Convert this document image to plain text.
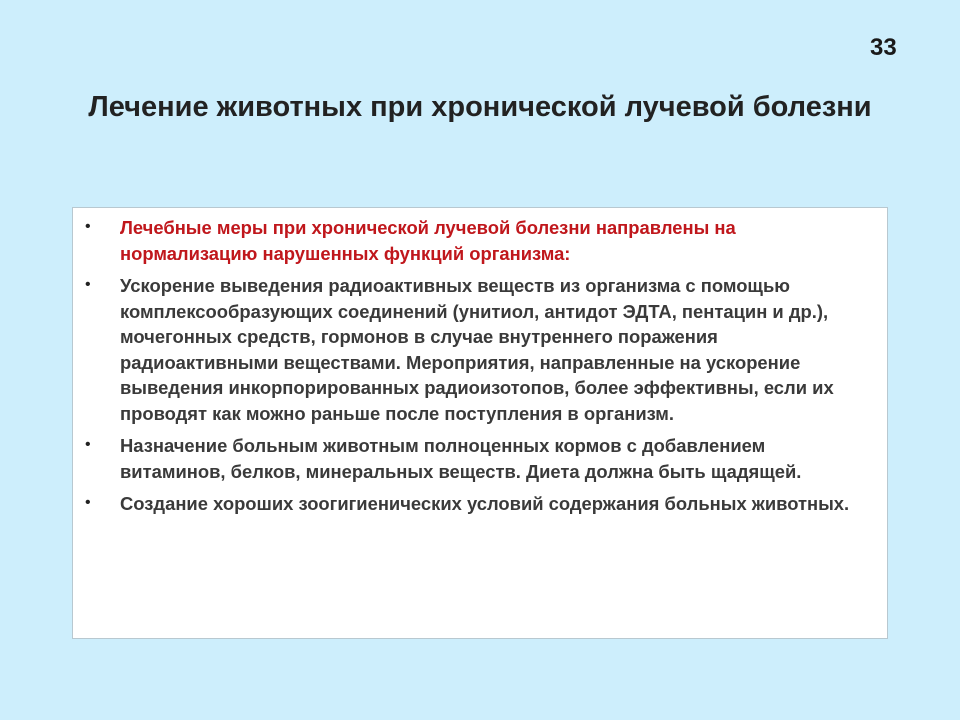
33
Лечение животных при хронической лучевой болезни
• Лечебные меры при хронической лучевой болезни направлены на нормализацию нарушенных функций организма:
• Ускорение выведения радиоактивных веществ из организма с помощью комплексообразующих соединений (унитиол, антидот ЭДТА, пентацин и др.), мочегонных средств, гормонов в случае внутреннего поражения радиоактивными веществами. Мероприятия, направленные на ускорение выведения инкорпорированных радиоизотопов, более эффективны, если их проводят как можно раньше после поступления в организм.
• Назначение больным животным полноценных кормов с добавлением витаминов, белков, минеральных веществ. Диета должна быть щадящей.
• Создание хороших зоогигиенических условий содержания больных животных.
